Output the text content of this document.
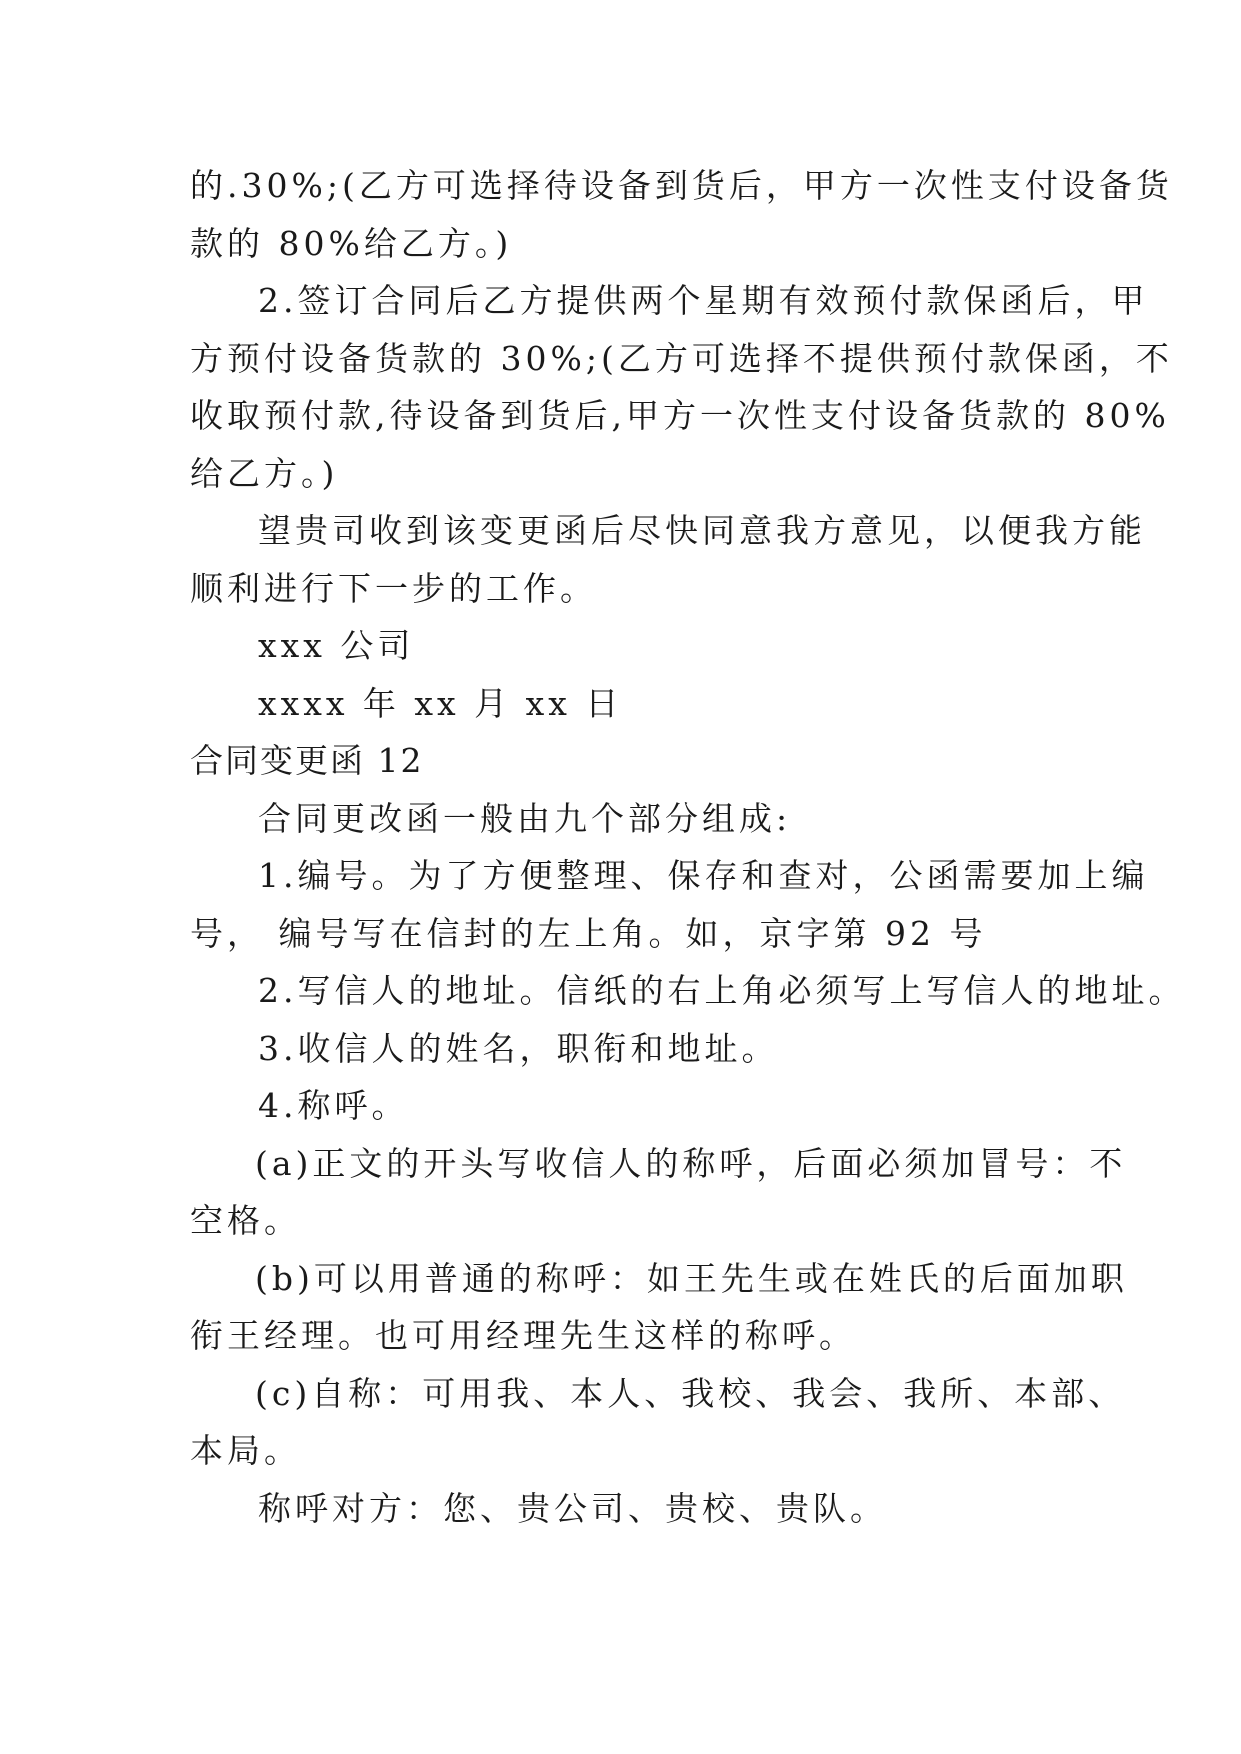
的.30%;(乙方可选择待设备到货后，甲方一次性支付设备货
款的 80%给乙方。)
2.签订合同后乙方提供两个星期有效预付款保函后，甲
方预付设备货款的 30%;(乙方可选择不提供预付款保函，不
收取预付款,待设备到货后,甲方一次性支付设备货款的 80%
给乙方。)
望贵司收到该变更函后尽快同意我方意见，以便我方能
顺利进行下一步的工作。
xxx 公司
xxxx 年 xx 月 xx 日
合同变更函 12
合同更改函一般由九个部分组成:
1.编号。为了方便整理、保存和查对，公函需要加上编
号， 编号写在信封的左上角。如，京字第 92 号
2.写信人的地址。信纸的右上角必须写上写信人的地址。
3.收信人的姓名，职衔和地址。
4.称呼。
(a)正文的开头写收信人的称呼，后面必须加冒号：不
空格。
(b)可以用普通的称呼：如王先生或在姓氏的后面加职
衔王经理。也可用经理先生这样的称呼。
(c)自称：可用我、本人、我校、我会、我所、本部、
本局。
称呼对方：您、贵公司、贵校、贵队。
